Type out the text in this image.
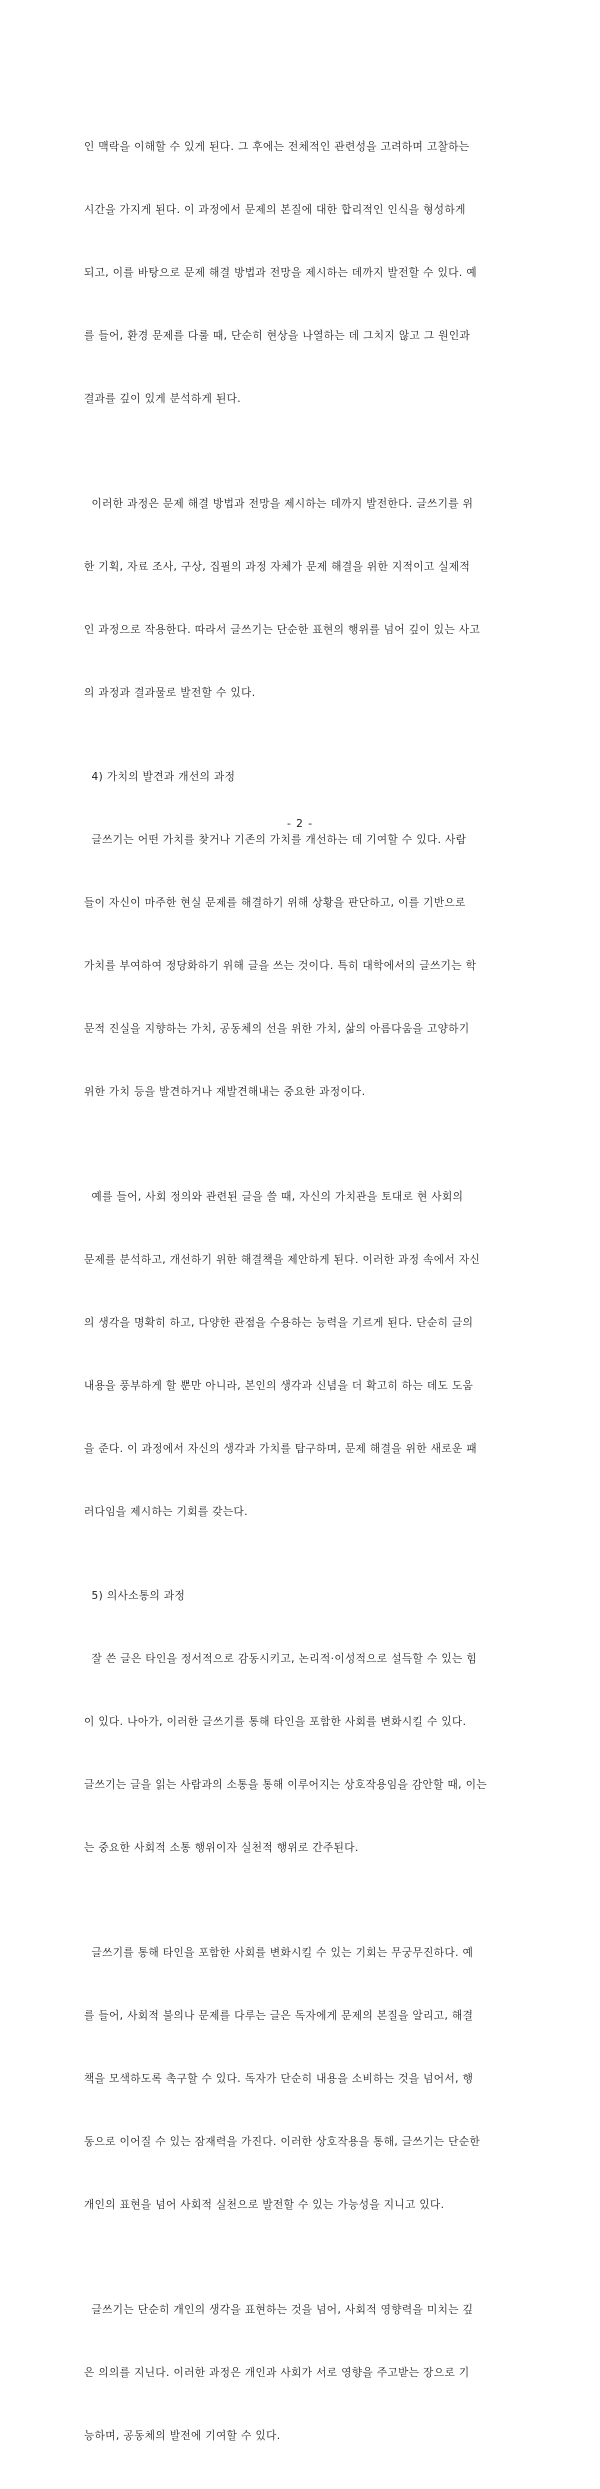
인 맥락을 이해할 수 있게 된다. 그 후에는 전체적인 관련성을 고려하며 고찰하는

시간을 가지게 된다. 이 과정에서 문제의 본질에 대한 합리적인 인식을 형성하게

되고, 이를 바탕으로 문제 해결 방법과 전망을 제시하는 데까지 발전할 수 있다. 예

를 들어, 환경 문제를 다룰 때, 단순히 현상을 나열하는 데 그치지 않고 그 원인과

결과를 깊이 있게 분석하게 된다.

이러한 과정은 문제 해결 방법과 전망을 제시하는 데까지 발전한다. 글쓰기를 위

한 기획, 자료 조사, 구상, 집필의 과정 자체가 문제 해결을 위한 지적이고 실제적

인 과정으로 작용한다. 따라서 글쓰기는 단순한 표현의 행위를 넘어 깊이 있는 사고

의 과정과 결과물로 발전할 수 있다.

4) 가치의 발견과 개선의 과정

글쓰기는 어떤 가치를 찾거나 기존의 가치를 개선하는 데 기여할 수 있다. 사람

들이 자신이 마주한 현실 문제를 해결하기 위해 상황을 판단하고, 이를 기반으로

가치를 부여하여 정당화하기 위해 글을 쓰는 것이다. 특히 대학에서의 글쓰기는 학

문적 진실을 지향하는 가치, 공동체의 선을 위한 가치, 삶의 아름다움을 고양하기

위한 가치 등을 발견하거나 재발견해내는 중요한 과정이다.

예를 들어, 사회 정의와 관련된 글을 쓸 때, 자신의 가치관을 토대로 현 사회의

문제를 분석하고, 개선하기 위한 해결책을 제안하게 된다. 이러한 과정 속에서 자신

의 생각을 명확히 하고, 다양한 관점을 수용하는 능력을 기르게 된다. 단순히 글의

내용을 풍부하게 할 뿐만 아니라, 본인의 생각과 신념을 더 확고히 하는 데도 도움

을 준다. 이 과정에서 자신의 생각과 가치를 탐구하며, 문제 해결을 위한 새로운 패

러다임을 제시하는 기회를 갖는다.

5) 의사소통의 과정

잘 쓴 글은 타인을 정서적으로 감동시키고, 논리적·이성적으로 설득할 수 있는 힘

이 있다. 나아가, 이러한 글쓰기를 통해 타인을 포함한 사회를 변화시킬 수 있다.

글쓰기는 글을 읽는 사람과의 소통을 통해 이루어지는 상호작용임을 감안할 때, 이는

는 중요한 사회적 소통 행위이자 실천적 행위로 간주된다.

글쓰기를 통해 타인을 포함한 사회를 변화시킬 수 있는 기회는 무궁무진하다. 예

를 들어, 사회적 불의나 문제를 다루는 글은 독자에게 문제의 본질을 알리고, 해결

책을 모색하도록 촉구할 수 있다. 독자가 단순히 내용을 소비하는 것을 넘어서, 행

동으로 이어질 수 있는 잠재력을 가진다. 이러한 상호작용을 통해, 글쓰기는 단순한

개인의 표현을 넘어 사회적 실천으로 발전할 수 있는 가능성을 지니고 있다.

글쓰기는 단순히 개인의 생각을 표현하는 것을 넘어, 사회적 영향력을 미치는 깊

은 의의를 지닌다. 이러한 과정은 개인과 사회가 서로 영향을 주고받는 장으로 기

능하며, 공동체의 발전에 기여할 수 있다.

- 2 -
